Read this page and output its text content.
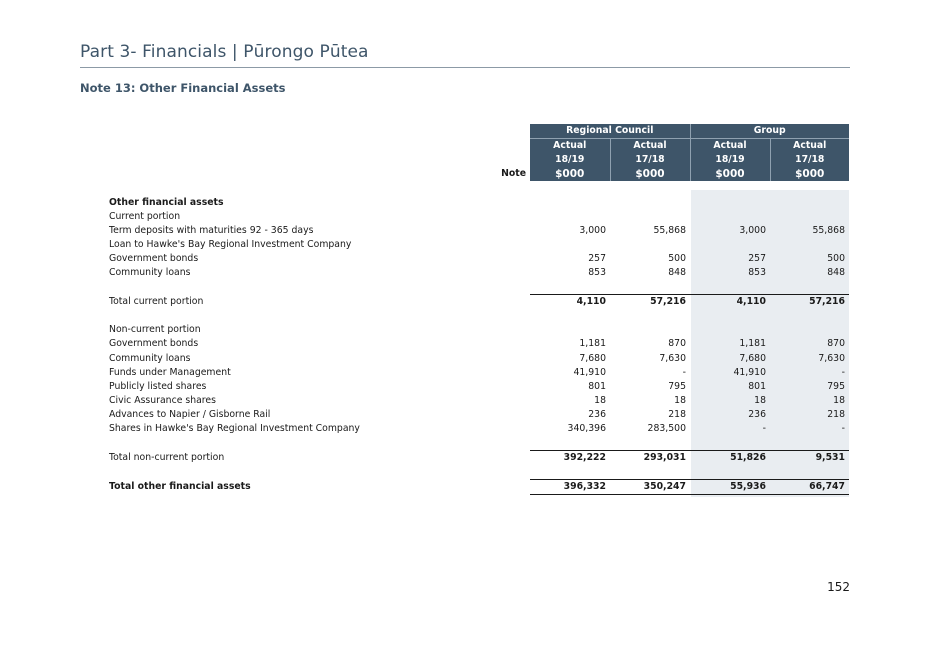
Part 3- Financials | Pūrongo Pūtea
Note 13: Other Financial Assets
		Regional Council		Group	
		Actual	Actual	Actual	Actual
		18/19	17/18	18/19	17/18
	Note	$000	$000	$000	$000

Other financial assets					
Current portion					
Term deposits with maturities 92 - 365 days		3,000	55,868	3,000	55,868
Loan to Hawke's Bay Regional Investment Company					
Government bonds		257	500	257	500
Community loans		853	848	853	848

Total current portion		4,110	57,216	4,110	57,216

Non-current portion					
Government bonds		1,181	870	1,181	870
Community loans		7,680	7,630	7,680	7,630
Funds under Management		41,910	-	41,910	-
Publicly listed shares		801	795	801	795
Civic Assurance shares		18	18	18	18
Advances to Napier / Gisborne Rail		236	218	236	218
Shares in Hawke's Bay Regional Investment Company		340,396	283,500	-	-

Total non-current portion		392,222	293,031	51,826	9,531

Total other financial assets		396,332	350,247	55,936	66,747
152
